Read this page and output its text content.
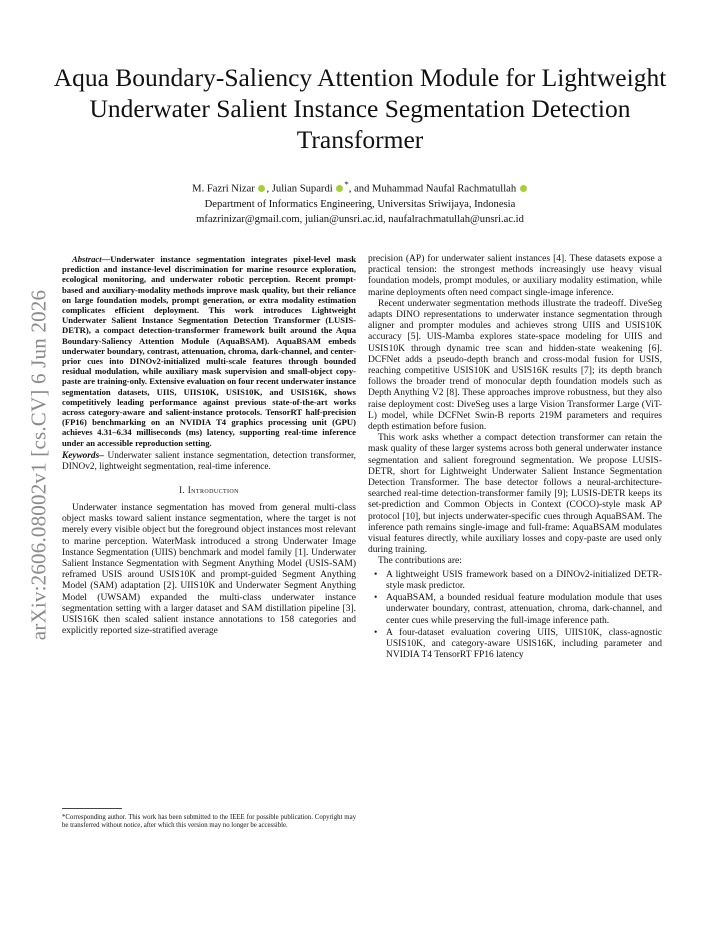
Aqua Boundary-Saliency Attention Module for Lightweight Underwater Salient Instance Segmentation Detection Transformer
M. Fazri Nizar , Julian Supardi *, and Muhammad Naufal Rachmatullah
Department of Informatics Engineering, Universitas Sriwijaya, Indonesia
mfazrinizar@gmail.com, julian@unsri.ac.id, naufalrachmatullah@unsri.ac.id
arXiv:2606.08002v1 [cs.CV] 6 Jun 2026

Abstract—Underwater instance segmentation integrates pixel-level mask prediction and instance-level discrimination for marine resource exploration, ecological monitoring, and underwater robotic perception. Recent prompt-based and auxiliary-modality methods improve mask quality, but their reliance on large foundation models, prompt generation, or extra modality estimation complicates efficient deployment. This work introduces Lightweight Underwater Salient Instance Segmentation Detection Transformer (LUSIS-DETR), a compact detection-transformer framework built around the Aqua Boundary-Saliency Attention Module (AquaBSAM). AquaBSAM embeds underwater boundary, contrast, attenuation, chroma, dark-channel, and center-prior cues into DINOv2-initialized multi-scale features through bounded residual modulation, while auxiliary mask supervision and small-object copy-paste are training-only. Extensive evaluation on four recent underwater instance segmentation datasets, UIIS, UIIS10K, USIS10K, and USIS16K, shows competitively leading performance against previous state-of-the-art works across category-aware and salient-instance protocols. TensorRT half-precision (FP16) benchmarking on an NVIDIA T4 graphics processing unit (GPU) achieves 4.31–6.34 milliseconds (ms) latency, supporting real-time inference under an accessible reproduction setting.

Keywords– Underwater salient instance segmentation, detection transformer, DINOv2, lightweight segmentation, real-time inference.

I. Introduction

Underwater instance segmentation has moved from general multi-class object masks toward salient instance segmentation, where the target is not merely every visible object but the foreground object instances most relevant to marine perception. WaterMask introduced a strong Underwater Image Instance Segmentation (UIIS) benchmark and model family [1]. Underwater Salient Instance Segmentation with Segment Anything Model (USIS-SAM) reframed USIS around USIS10K and prompt-guided Segment Anything Model (SAM) adaptation [2]. UIIS10K and Underwater Segment Anything Model (UWSAM) expanded the multi-class underwater instance segmentation setting with a larger dataset and SAM distillation pipeline [3]. USIS16K then scaled salient instance annotations to 158 categories and explicitly reported size-stratified average

*Corresponding author. This work has been submitted to the IEEE for possible publication. Copyright may be transferred without notice, after which this version may no longer be accessible.

precision (AP) for underwater salient instances [4]. These datasets expose a practical tension: the strongest methods increasingly use heavy visual foundation models, prompt modules, or auxiliary modality estimation, while marine deployments often need compact single-image inference.

Recent underwater segmentation methods illustrate the tradeoff. DiveSeg adapts DINO representations to underwater instance segmentation through aligner and prompter modules and achieves strong UIIS and USIS10K accuracy [5]. UIS-Mamba explores state-space modeling for UIIS and USIS10K through dynamic tree scan and hidden-state weakening [6]. DCFNet adds a pseudo-depth branch and cross-modal fusion for USIS, reaching competitive USIS10K and USIS16K results [7]; its depth branch follows the broader trend of monocular depth foundation models such as Depth Anything V2 [8]. These approaches improve robustness, but they also raise deployment cost: DiveSeg uses a large Vision Transformer Large (ViT-L) model, while DCFNet Swin-B reports 219M parameters and requires depth estimation before fusion.

This work asks whether a compact detection transformer can retain the mask quality of these larger systems across both general underwater instance segmentation and salient foreground segmentation. We propose LUSIS-DETR, short for Lightweight Underwater Salient Instance Segmentation Detection Transformer. The base detector follows a neural-architecture-searched real-time detection-transformer family [9]; LUSIS-DETR keeps its set-prediction and Common Objects in Context (COCO)-style mask AP protocol [10], but injects underwater-specific cues through AquaBSAM. The inference path remains single-image and full-frame: AquaBSAM modulates visual features directly, while auxiliary losses and copy-paste are used only during training.

The contributions are:

• A lightweight USIS framework based on a DINOv2-initialized DETR-style mask predictor.
• AquaBSAM, a bounded residual feature modulation module that uses underwater boundary, contrast, attenuation, chroma, dark-channel, and center cues while preserving the full-image inference path.
• A four-dataset evaluation covering UIIS, UIIS10K, class-agnostic USIS10K, and category-aware USIS16K, including parameter and NVIDIA T4 TensorRT FP16 latency
